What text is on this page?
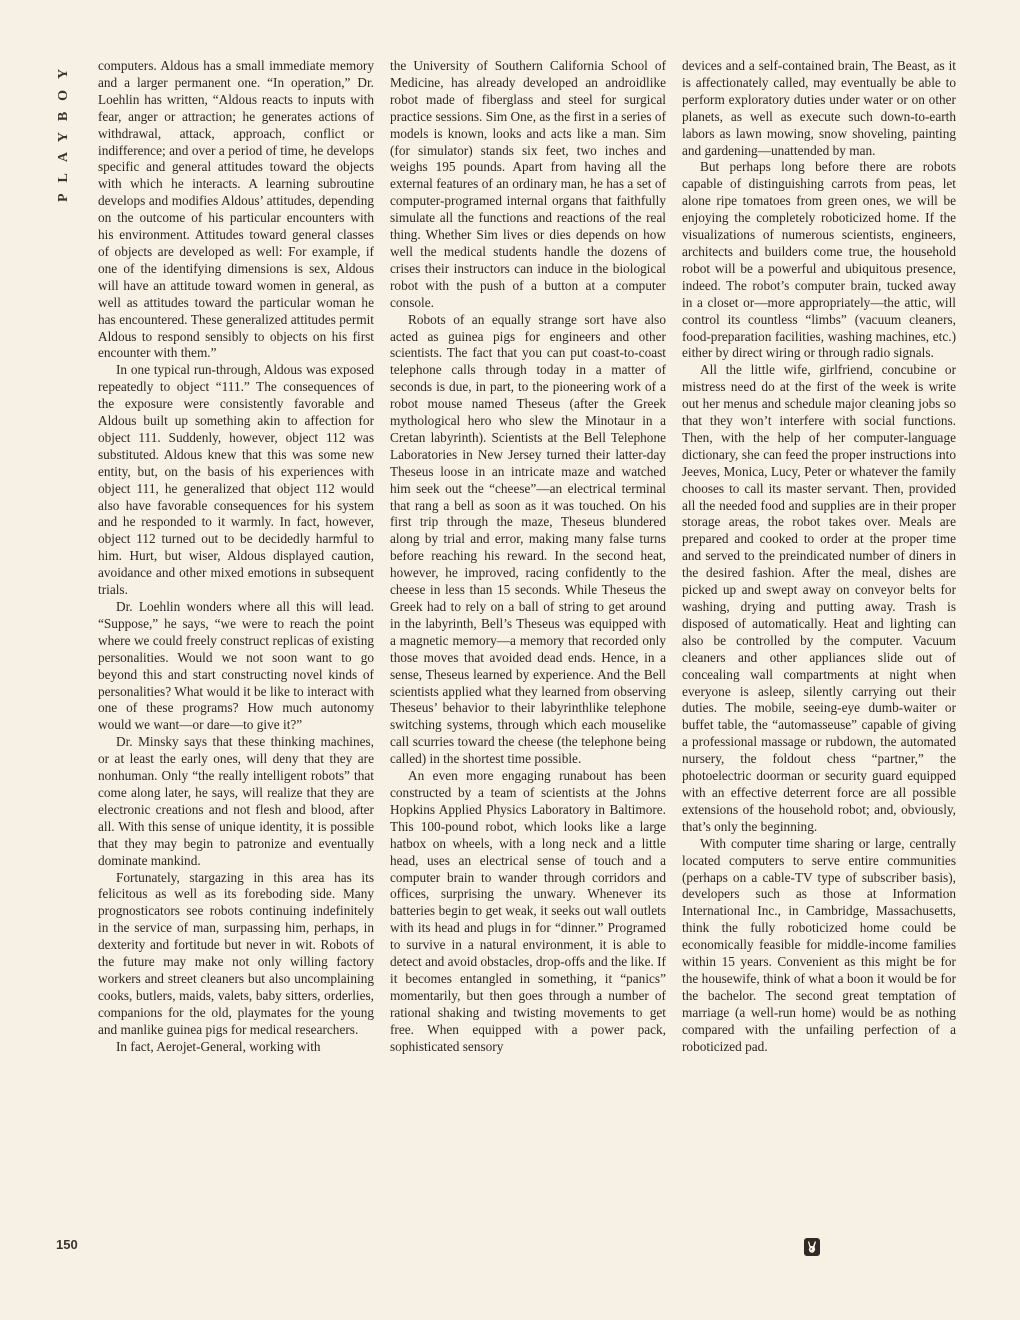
PLAYBOY	computers. Aldous has a small immediate memory and a larger permanent one. “In operation,” Dr. Loehlin has written, “Aldous reacts to inputs with fear, anger or attraction; he generates actions of withdrawal, attack, approach, conflict or indifference; and over a period of time, he develops specific and general attitudes toward the objects with which he interacts. A learning subroutine develops and modifies Aldous’ attitudes, depending on the outcome of his particular encounters with his environment. Attitudes toward general classes of objects are developed as well: For example, if one of the identifying dimensions is sex, Aldous will have an attitude toward women in general, as well as attitudes toward the particular woman he has encountered. These generalized attitudes permit Aldous to respond sensibly to objects on his first encounter with them.”

In one typical run-through, Aldous was exposed repeatedly to object “111.” The consequences of the exposure were consistently favorable and Aldous built up something akin to affection for object 111. Suddenly, however, object 112 was substituted. Aldous knew that this was some new entity, but, on the basis of his experiences with object 111, he generalized that object 112 would also have favorable consequences for his system and he responded to it warmly. In fact, however, object 112 turned out to be decidedly harmful to him. Hurt, but wiser, Aldous displayed caution, avoidance and other mixed emotions in subsequent trials.

Dr. Loehlin wonders where all this will lead. “Suppose,” he says, “we were to reach the point where we could freely construct replicas of existing personalities. Would we not soon want to go beyond this and start constructing novel kinds of personalities? What would it be like to interact with one of these programs? How much autonomy would we want—or dare—to give it?”

Dr. Minsky says that these thinking machines, or at least the early ones, will deny that they are nonhuman. Only “the really intelligent robots” that come along later, he says, will realize that they are electronic creations and not flesh and blood, after all. With this sense of unique identity, it is possible that they may begin to patronize and eventually dominate mankind.

Fortunately, stargazing in this area has its felicitous as well as its foreboding side. Many prognosticators see robots continuing indefinitely in the service of man, surpassing him, perhaps, in dexterity and fortitude but never in wit. Robots of the future may make not only willing factory workers and street cleaners but also uncomplaining cooks, butlers, maids, valets, baby sitters, orderlies, companions for the old, playmates for the young and manlike guinea pigs for medical researchers.

In fact, Aerojet-General, working with

the University of Southern California School of Medicine, has already developed an androidlike robot made of fiberglass and steel for surgical practice sessions. Sim One, as the first in a series of models is known, looks and acts like a man. Sim (for simulator) stands six feet, two inches and weighs 195 pounds. Apart from having all the external features of an ordinary man, he has a set of computer-programed internal organs that faithfully simulate all the functions and reactions of the real thing. Whether Sim lives or dies depends on how well the medical students handle the dozens of crises their instructors can induce in the biological robot with the push of a button at a computer console.

Robots of an equally strange sort have also acted as guinea pigs for engineers and other scientists. The fact that you can put coast-to-coast telephone calls through today in a matter of seconds is due, in part, to the pioneering work of a robot mouse named Theseus (after the Greek mythological hero who slew the Minotaur in a Cretan labyrinth). Scientists at the Bell Telephone Laboratories in New Jersey turned their latter-day Theseus loose in an intricate maze and watched him seek out the “cheese”—an electrical terminal that rang a bell as soon as it was touched. On his first trip through the maze, Theseus blundered along by trial and error, making many false turns before reaching his reward. In the second heat, however, he improved, racing confidently to the cheese in less than 15 seconds. While Theseus the Greek had to rely on a ball of string to get around in the labyrinth, Bell’s Theseus was equipped with a magnetic memory—a memory that recorded only those moves that avoided dead ends. Hence, in a sense, Theseus learned by experience. And the Bell scientists applied what they learned from observing Theseus’ behavior to their labyrinthlike telephone switching systems, through which each mouselike call scurries toward the cheese (the telephone being called) in the shortest time possible.

An even more engaging runabout has been constructed by a team of scientists at the Johns Hopkins Applied Physics Laboratory in Baltimore. This 100-pound robot, which looks like a large hatbox on wheels, with a long neck and a little head, uses an electrical sense of touch and a computer brain to wander through corridors and offices, surprising the unwary. Whenever its batteries begin to get weak, it seeks out wall outlets with its head and plugs in for “dinner.” Programed to survive in a natural environment, it is able to detect and avoid obstacles, drop-offs and the like. If it becomes entangled in something, it “panics” momentarily, but then goes through a number of rational shaking and twisting movements to get free. When equipped with a power pack, sophisticated sensory

devices and a self-contained brain, The Beast, as it is affectionately called, may eventually be able to perform exploratory duties under water or on other planets, as well as execute such down-to-earth labors as lawn mowing, snow shoveling, painting and gardening—unattended by man.

But perhaps long before there are robots capable of distinguishing carrots from peas, let alone ripe tomatoes from green ones, we will be enjoying the completely roboticized home. If the visualizations of numerous scientists, engineers, architects and builders come true, the household robot will be a powerful and ubiquitous presence, indeed. The robot’s computer brain, tucked away in a closet or—more appropriately—the attic, will control its countless “limbs” (vacuum cleaners, food-preparation facilities, washing machines, etc.) either by direct wiring or through radio signals.

All the little wife, girlfriend, concubine or mistress need do at the first of the week is write out her menus and schedule major cleaning jobs so that they won’t interfere with social functions. Then, with the help of her computer-language dictionary, she can feed the proper instructions into Jeeves, Monica, Lucy, Peter or whatever the family chooses to call its master servant. Then, provided all the needed food and supplies are in their proper storage areas, the robot takes over. Meals are prepared and cooked to order at the proper time and served to the preindicated number of diners in the desired fashion. After the meal, dishes are picked up and swept away on conveyor belts for washing, drying and putting away. Trash is disposed of automatically. Heat and lighting can also be controlled by the computer. Vacuum cleaners and other appliances slide out of concealing wall compartments at night when everyone is asleep, silently carrying out their duties. The mobile, seeing-eye dumb-waiter or buffet table, the “automasseuse” capable of giving a professional massage or rubdown, the automated nursery, the foldout chess “partner,” the photoelectric doorman or security guard equipped with an effective deterrent force are all possible extensions of the household robot; and, obviously, that’s only the beginning.

With computer time sharing or large, centrally located computers to serve entire communities (perhaps on a cable-TV type of subscriber basis), developers such as those at Information International Inc., in Cambridge, Massachusetts, think the fully roboticized home could be economically feasible for middle-income families within 15 years. Convenient as this might be for the housewife, think of what a boon it would be for the bachelor. The second great temptation of marriage (a well-run home) would be as nothing compared with the unfailing perfection of a roboticized pad.

150
